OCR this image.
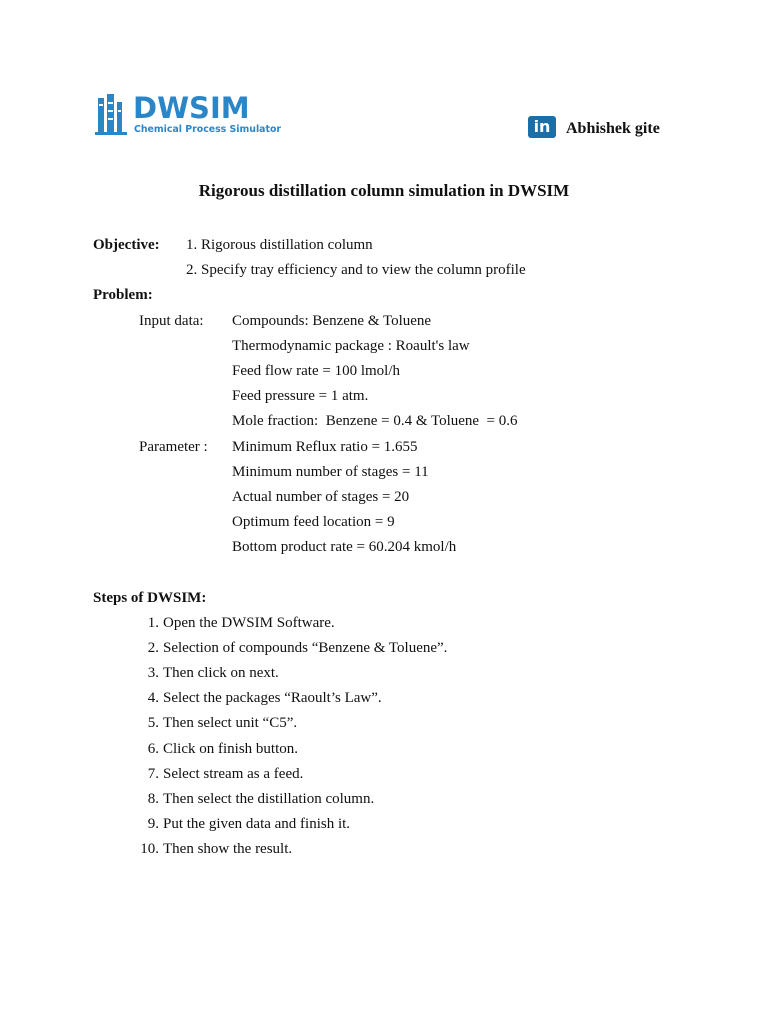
DWSIM
Chemical Process Simulator	in Abhishek gite
Rigorous distillation column simulation in DWSIM
Objective: 1. Rigorous distillation column
2. Specify tray efficiency and to view the column profile
Problem:
Input data: Compounds: Benzene & Toluene
Thermodynamic package : Roault's law
Feed flow rate = 100 lmol/h
Feed pressure = 1 atm.
Mole fraction:  Benzene = 0.4 & Toluene  = 0.6
Parameter : Minimum Reflux ratio = 1.655
Minimum number of stages = 11
Actual number of stages = 20
Optimum feed location = 9
Bottom product rate = 60.204 kmol/h
Steps of DWSIM:
1. Open the DWSIM Software.
2. Selection of compounds “Benzene & Toluene”.
3. Then click on next.
4. Select the packages “Raoult’s Law”.
5. Then select unit “C5”.
6. Click on finish button.
7. Select stream as a feed.
8. Then select the distillation column.
9. Put the given data and finish it.
10. Then show the result.
